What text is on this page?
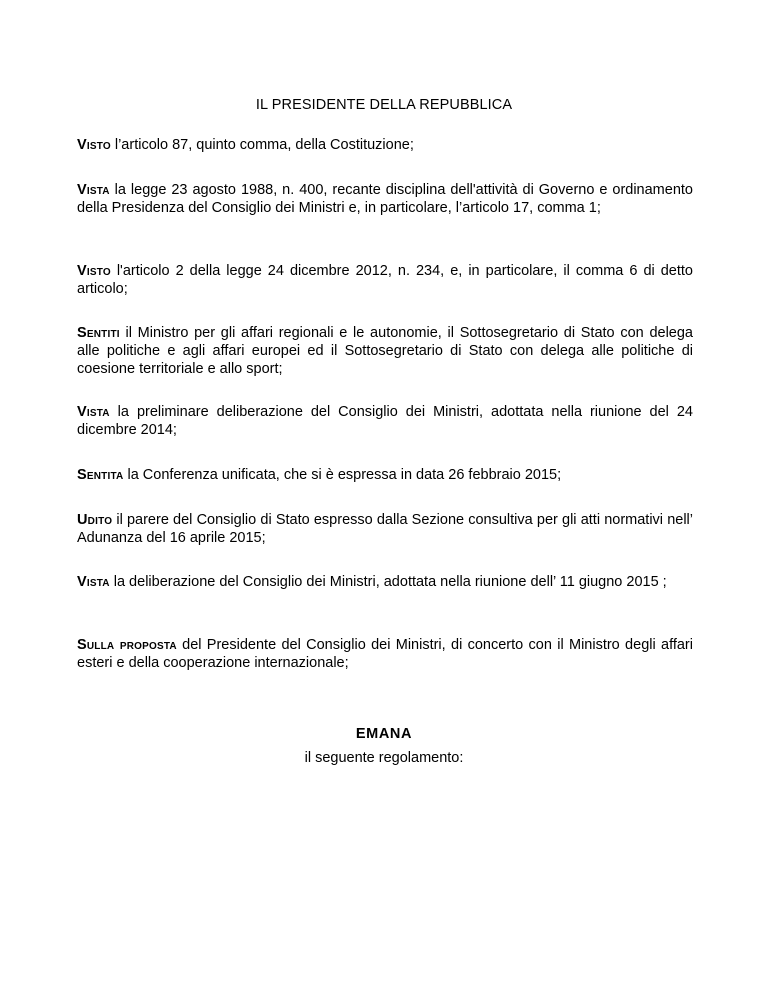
IL PRESIDENTE DELLA REPUBBLICA

Visto l’articolo 87, quinto comma, della Costituzione;

Vista la legge 23 agosto 1988, n. 400, recante disciplina dell'attività di Governo e ordinamento della Presidenza del Consiglio dei Ministri e, in particolare, l’articolo 17, comma 1;

Visto l'articolo 2 della legge 24 dicembre 2012, n. 234, e, in particolare, il comma 6 di detto articolo;

Sentiti il Ministro per gli affari regionali e le autonomie, il Sottosegretario di Stato con delega alle politiche e agli affari europei ed il Sottosegretario di Stato con delega alle politiche di coesione territoriale e allo sport;

Vista la preliminare deliberazione del Consiglio dei Ministri, adottata nella riunione del 24 dicembre 2014;

Sentita la Conferenza unificata, che si è espressa in data 26 febbraio 2015;

Udito il parere del Consiglio di Stato espresso dalla Sezione consultiva per gli atti normativi nell’ Adunanza del 16 aprile 2015;

Vista la deliberazione del Consiglio dei Ministri, adottata nella riunione dell’ 11 giugno 2015 ;

Sulla proposta del Presidente del Consiglio dei Ministri, di concerto con il Ministro degli affari esteri e della cooperazione internazionale;

EMANA
il seguente regolamento:
